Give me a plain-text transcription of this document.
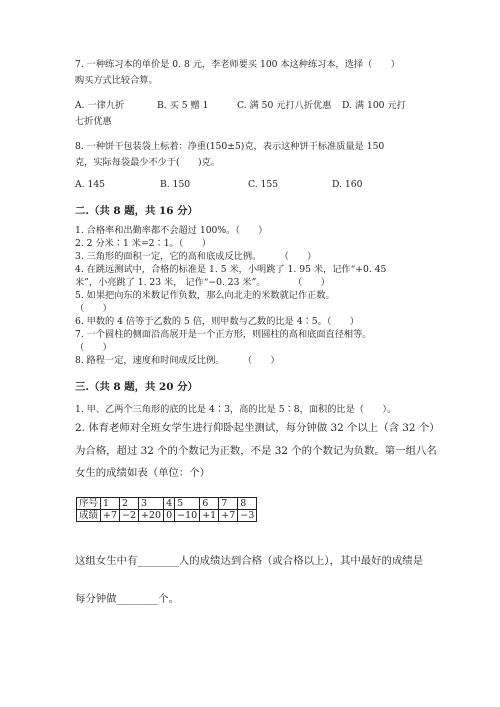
7. 一种练习本的单价是 0. 8 元，李老师要买 100 本这种练习本，选择（　　）

购买方式比较合算。

A. 一律九折	B. 买 5 赠 1	C. 满 50 元打八折优惠 D. 满 100 元打

七折优惠

8. 一种饼干包装袋上标着：净重(150±5)克，表示这种饼干标准质量是 150

克，实际每袋最少不少于(　　)克。

A. 145	B. 150	C. 155	D. 160

二.（共 8 题，共 16 分）

1. 合格率和出勤率都不会超过 100%。（　　）

2. 2 分米∶1 米=2∶1。（　　）

3. 三角形的面积一定，它的高和底成反比例。　　　（　　）

4. 在跳远测试中，合格的标准是 1. 5 米，小明跳了 1. 95 米，记作“+0. 45

米”，小亮跳了 1. 23 米， 记作“−0. 23 米”。　　　　（　　）

5. 如果把向东的米数记作负数，那么向北走的米数就记作正数。

（　　）

6. 甲数的 4 倍等于乙数的 5 倍，则甲数与乙数的比是 4∶5。（　　）

7. 一个圆柱的侧面沿高展开是一个正方形，则圆柱的高和底面直径相等。

（　　）

8. 路程一定，速度和时间成反比例。　　　（　　）

三.（共 8 题，共 20 分）

1. 甲、乙两个三角形的底的比是 4∶3，高的比是 5∶8，面积的比是（　　）。

2. 体育老师对全班女学生进行仰卧起坐测试，每分钟做 32 个以上（含 32 个）

为合格，超过 32 个的个数记为正数，不是 32 个的个数记为负数。第一组八名

女生的成绩如表（单位：个）

序号	1	2	3	4	5	6	7	8
成绩	+7	−2	+20	0	−10	+1	+7	−3

这组女生中有________人的成绩达到合格（或合格以上），其中最好的成绩是

每分钟做________个。
